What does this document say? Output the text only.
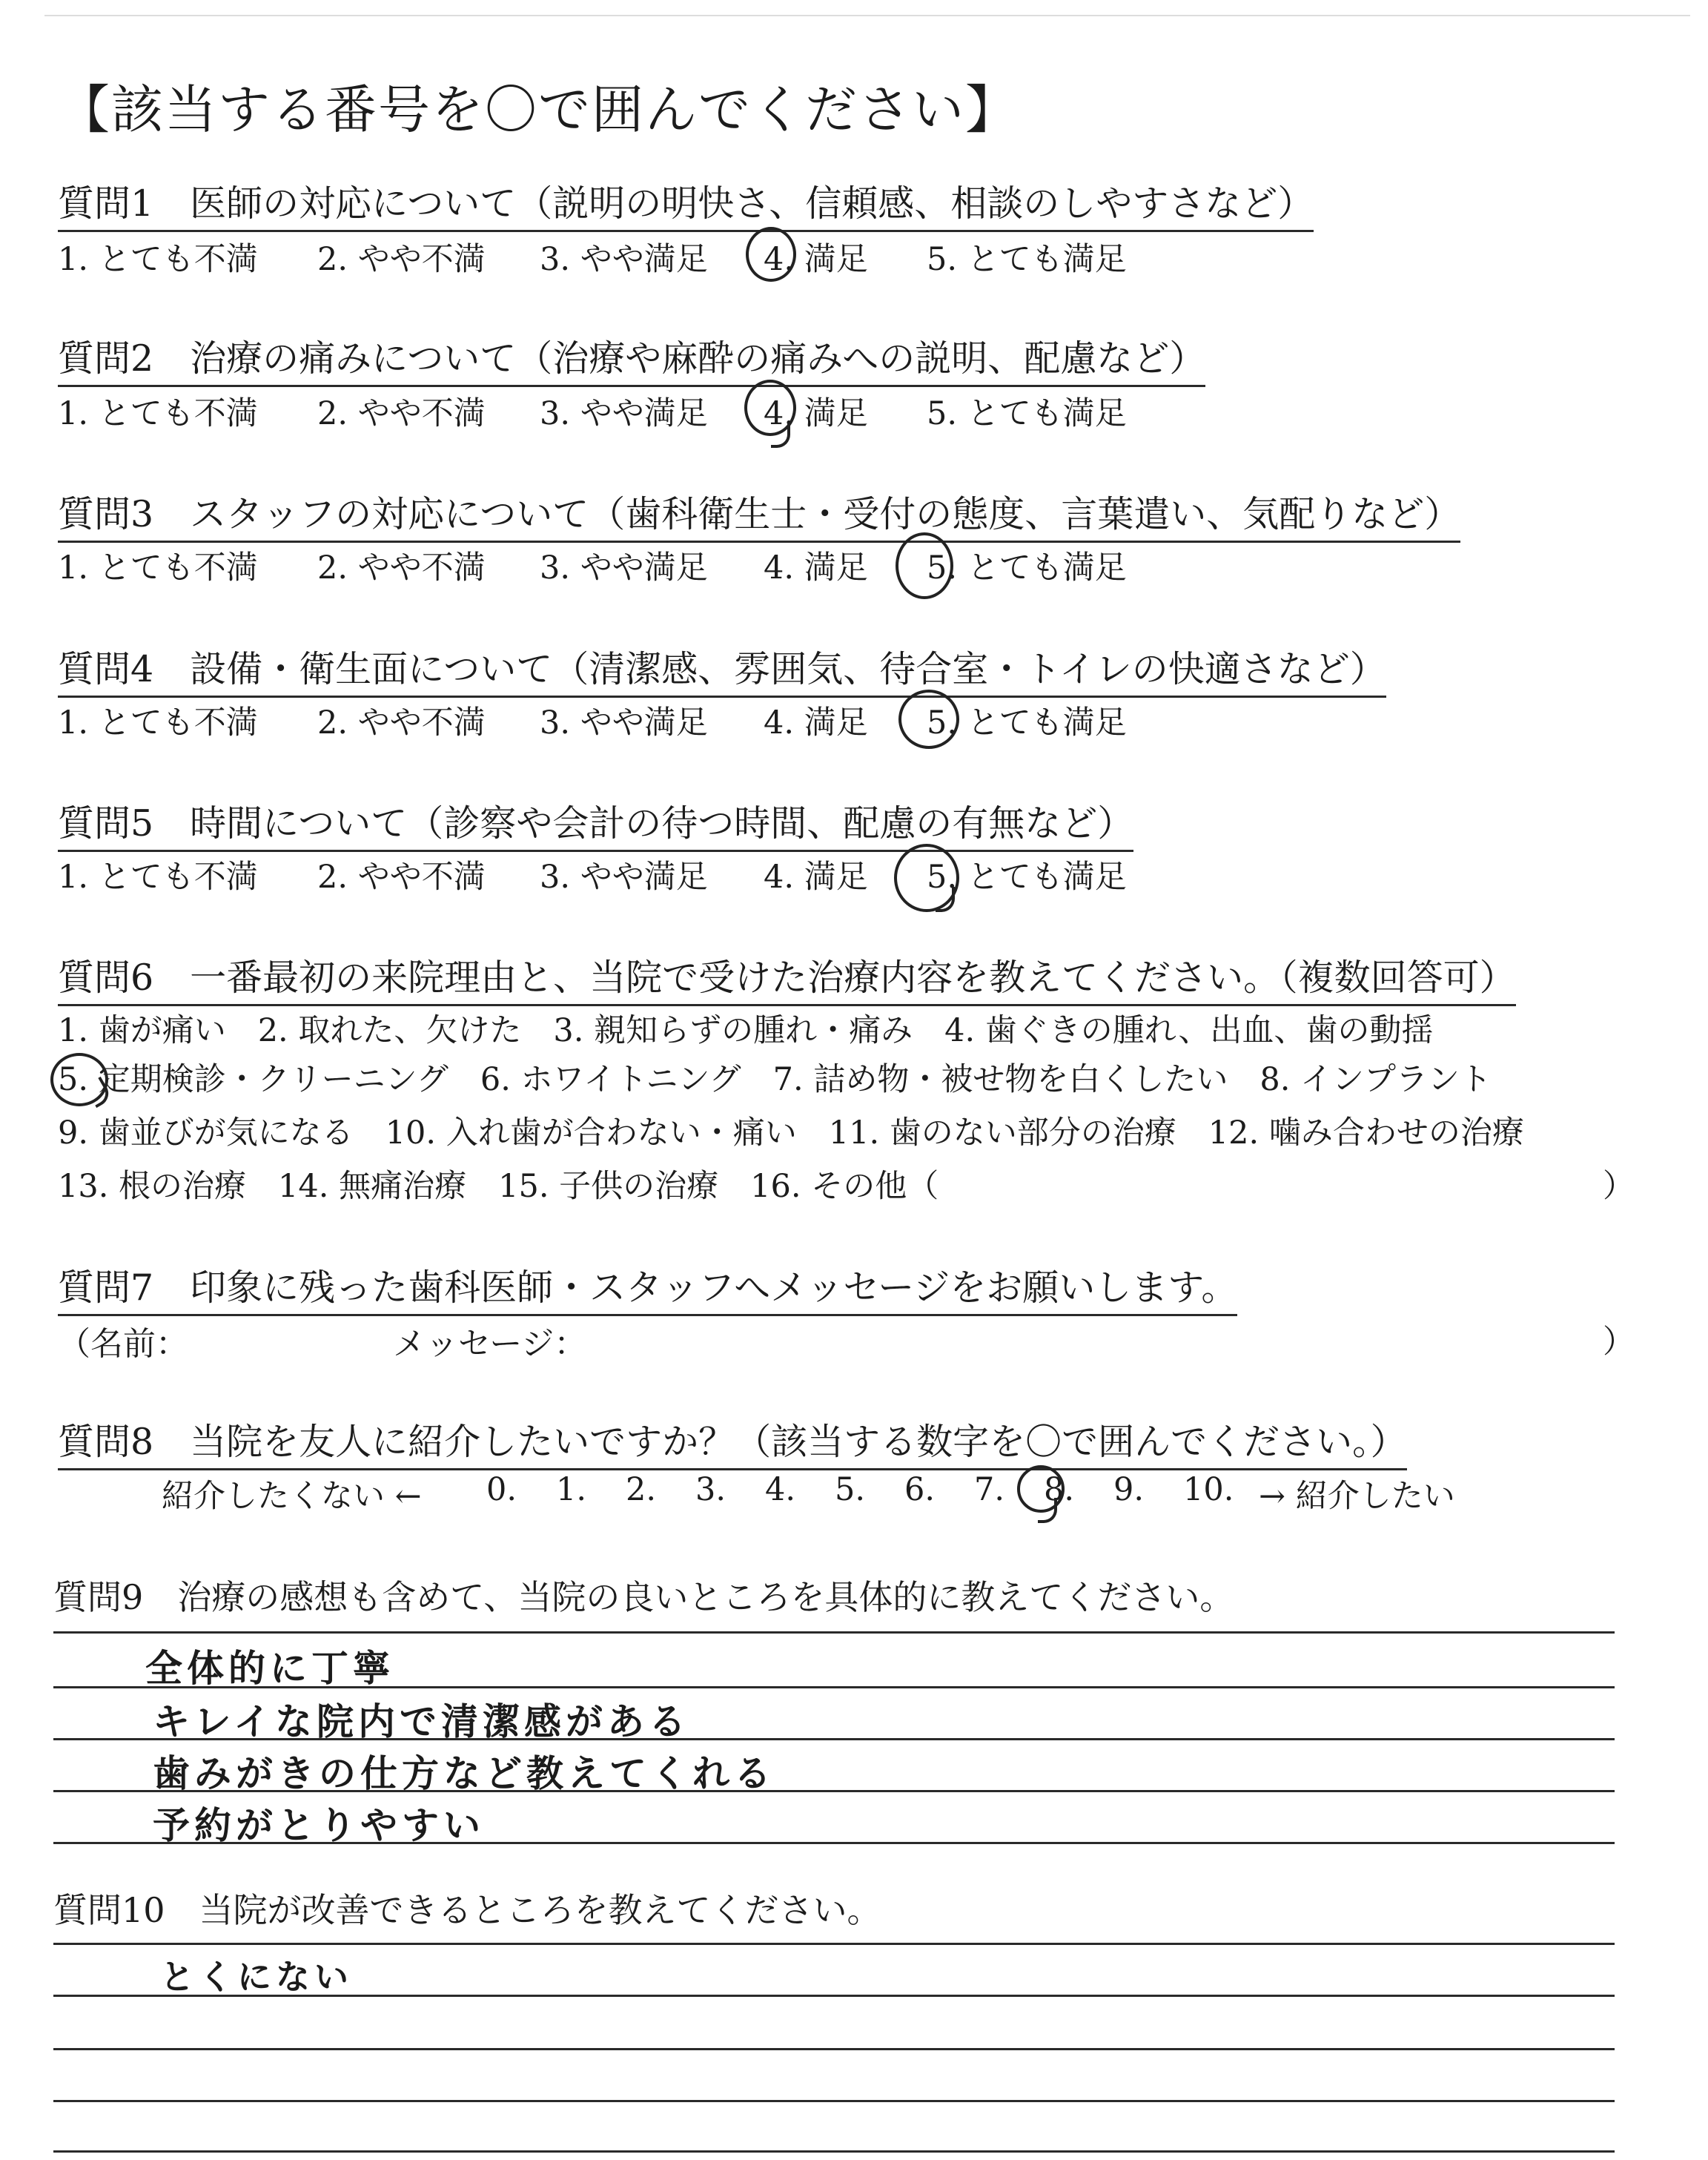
【該当する番号を〇で囲んでください】
質問1　医師の対応について（説明の明快さ、信頼感、相談のしやすさなど）
1. とても不満 2. やや不満 3. やや満足 4. 満足 5. とても満足
質問2　治療の痛みについて（治療や麻酔の痛みへの説明、配慮など）
1. とても不満 2. やや不満 3. やや満足 4. 満足 5. とても満足
質問3　スタッフの対応について（歯科衛生士・受付の態度、言葉遣い、気配りなど）
1. とても不満 2. やや不満 3. やや満足 4. 満足 5. とても満足
質問4　設備・衛生面について（清潔感、雰囲気、待合室・トイレの快適さなど）
1. とても不満 2. やや不満 3. やや満足 4. 満足 5. とても満足
質問5　時間について（診察や会計の待つ時間、配慮の有無など）
1. とても不満 2. やや不満 3. やや満足 4. 満足 5. とても満足
質問6　一番最初の来院理由と、当院で受けた治療内容を教えてください。（複数回答可）
1. 歯が痛い　2. 取れた、欠けた　3. 親知らずの腫れ・痛み　4. 歯ぐきの腫れ、出血、歯の動揺
5. 定期検診・クリーニング　6. ホワイトニング　7. 詰め物・被せ物を白くしたい　8. インプラント
9. 歯並びが気になる　10. 入れ歯が合わない・痛い　11. 歯のない部分の治療　12. 噛み合わせの治療
13. 根の治療　14. 無痛治療　15. 子供の治療　16. その他（	）
質問7　印象に残った歯科医師・スタッフへメッセージをお願いします。
（名前：	メッセージ：	）
質問8　当院を友人に紹介したいですか？（該当する数字を〇で囲んでください。）
紹介したくない ← 0. 1. 2. 3. 4. 5. 6. 7. 8. 9. 10. → 紹介したい
質問9　治療の感想も含めて、当院の良いところを具体的に教えてください。
全体的に丁寧
キレイな院内で清潔感がある
歯みがきの仕方など教えてくれる
予約がとりやすい
質問10　当院が改善できるところを教えてください。
とくにない
